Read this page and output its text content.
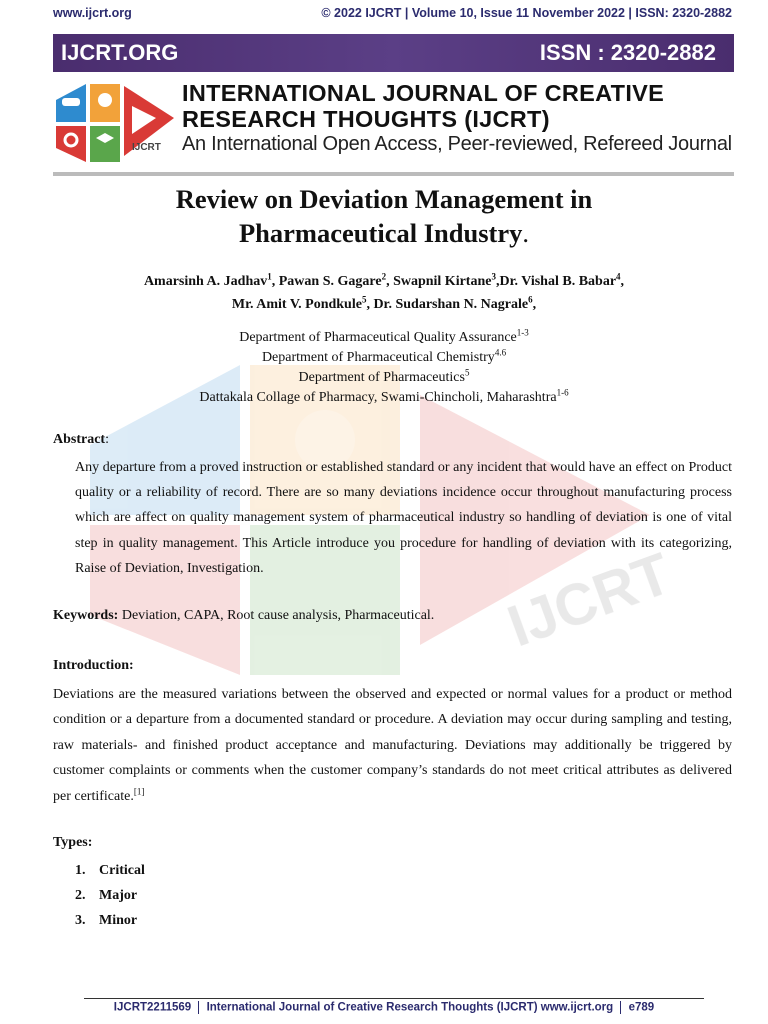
www.ijcrt.org	© 2022 IJCRT | Volume 10, Issue 11 November 2022 | ISSN: 2320-2882
IJCRT.ORG	ISSN : 2320-2882
IJCRT
INTERNATIONAL JOURNAL OF CREATIVE
RESEARCH THOUGHTS (IJCRT)
An International Open Access, Peer-reviewed, Refereed Journal
IJCRT
Review on Deviation Management in
Pharmaceutical Industry.
Amarsinh A. Jadhav$^1$, Pawan S. Gagare$^2$, Swapnil Kirtane$^3$,Dr. Vishal B. Babar$^4$,
Mr. Amit V. Pondkule$^5$, Dr. Sudarshan N. Nagrale$^6$,
Department of Pharmaceutical Quality Assurance$^{1-3}$
Department of Pharmaceutical Chemistry$^{4.6}$
Department of Pharmaceutics$^5$
Dattakala Collage of Pharmacy, Swami-Chincholi, Maharashtra$^{1-6}$
Abstract:
Any departure from a proved instruction or established standard or any incident that would have an effect on Product quality or a reliability of record. There are so many deviations incidence occur throughout manufacturing process which are affect on quality management system of pharmaceutical industry so handling of deviation is one of vital step in quality management. This Article introduce you procedure for handling of deviation with its categorizing, Raise of Deviation, Investigation.
Keywords: Deviation, CAPA, Root cause analysis, Pharmaceutical.
Introduction:
Deviations are the measured variations between the observed and expected or normal values for a product or method condition or a departure from a documented standard or procedure. A deviation may occur during sampling and testing, raw materials- and finished product acceptance and manufacturing. Deviations may additionally be triggered by customer complaints or comments when the customer company’s standards do not meet critical attributes as delivered per certificate.[1]
Types:
1. Critical
2. Major
3. Minor
IJCRT2211569 International Journal of Creative Research Thoughts (IJCRT) www.ijcrt.org e789
